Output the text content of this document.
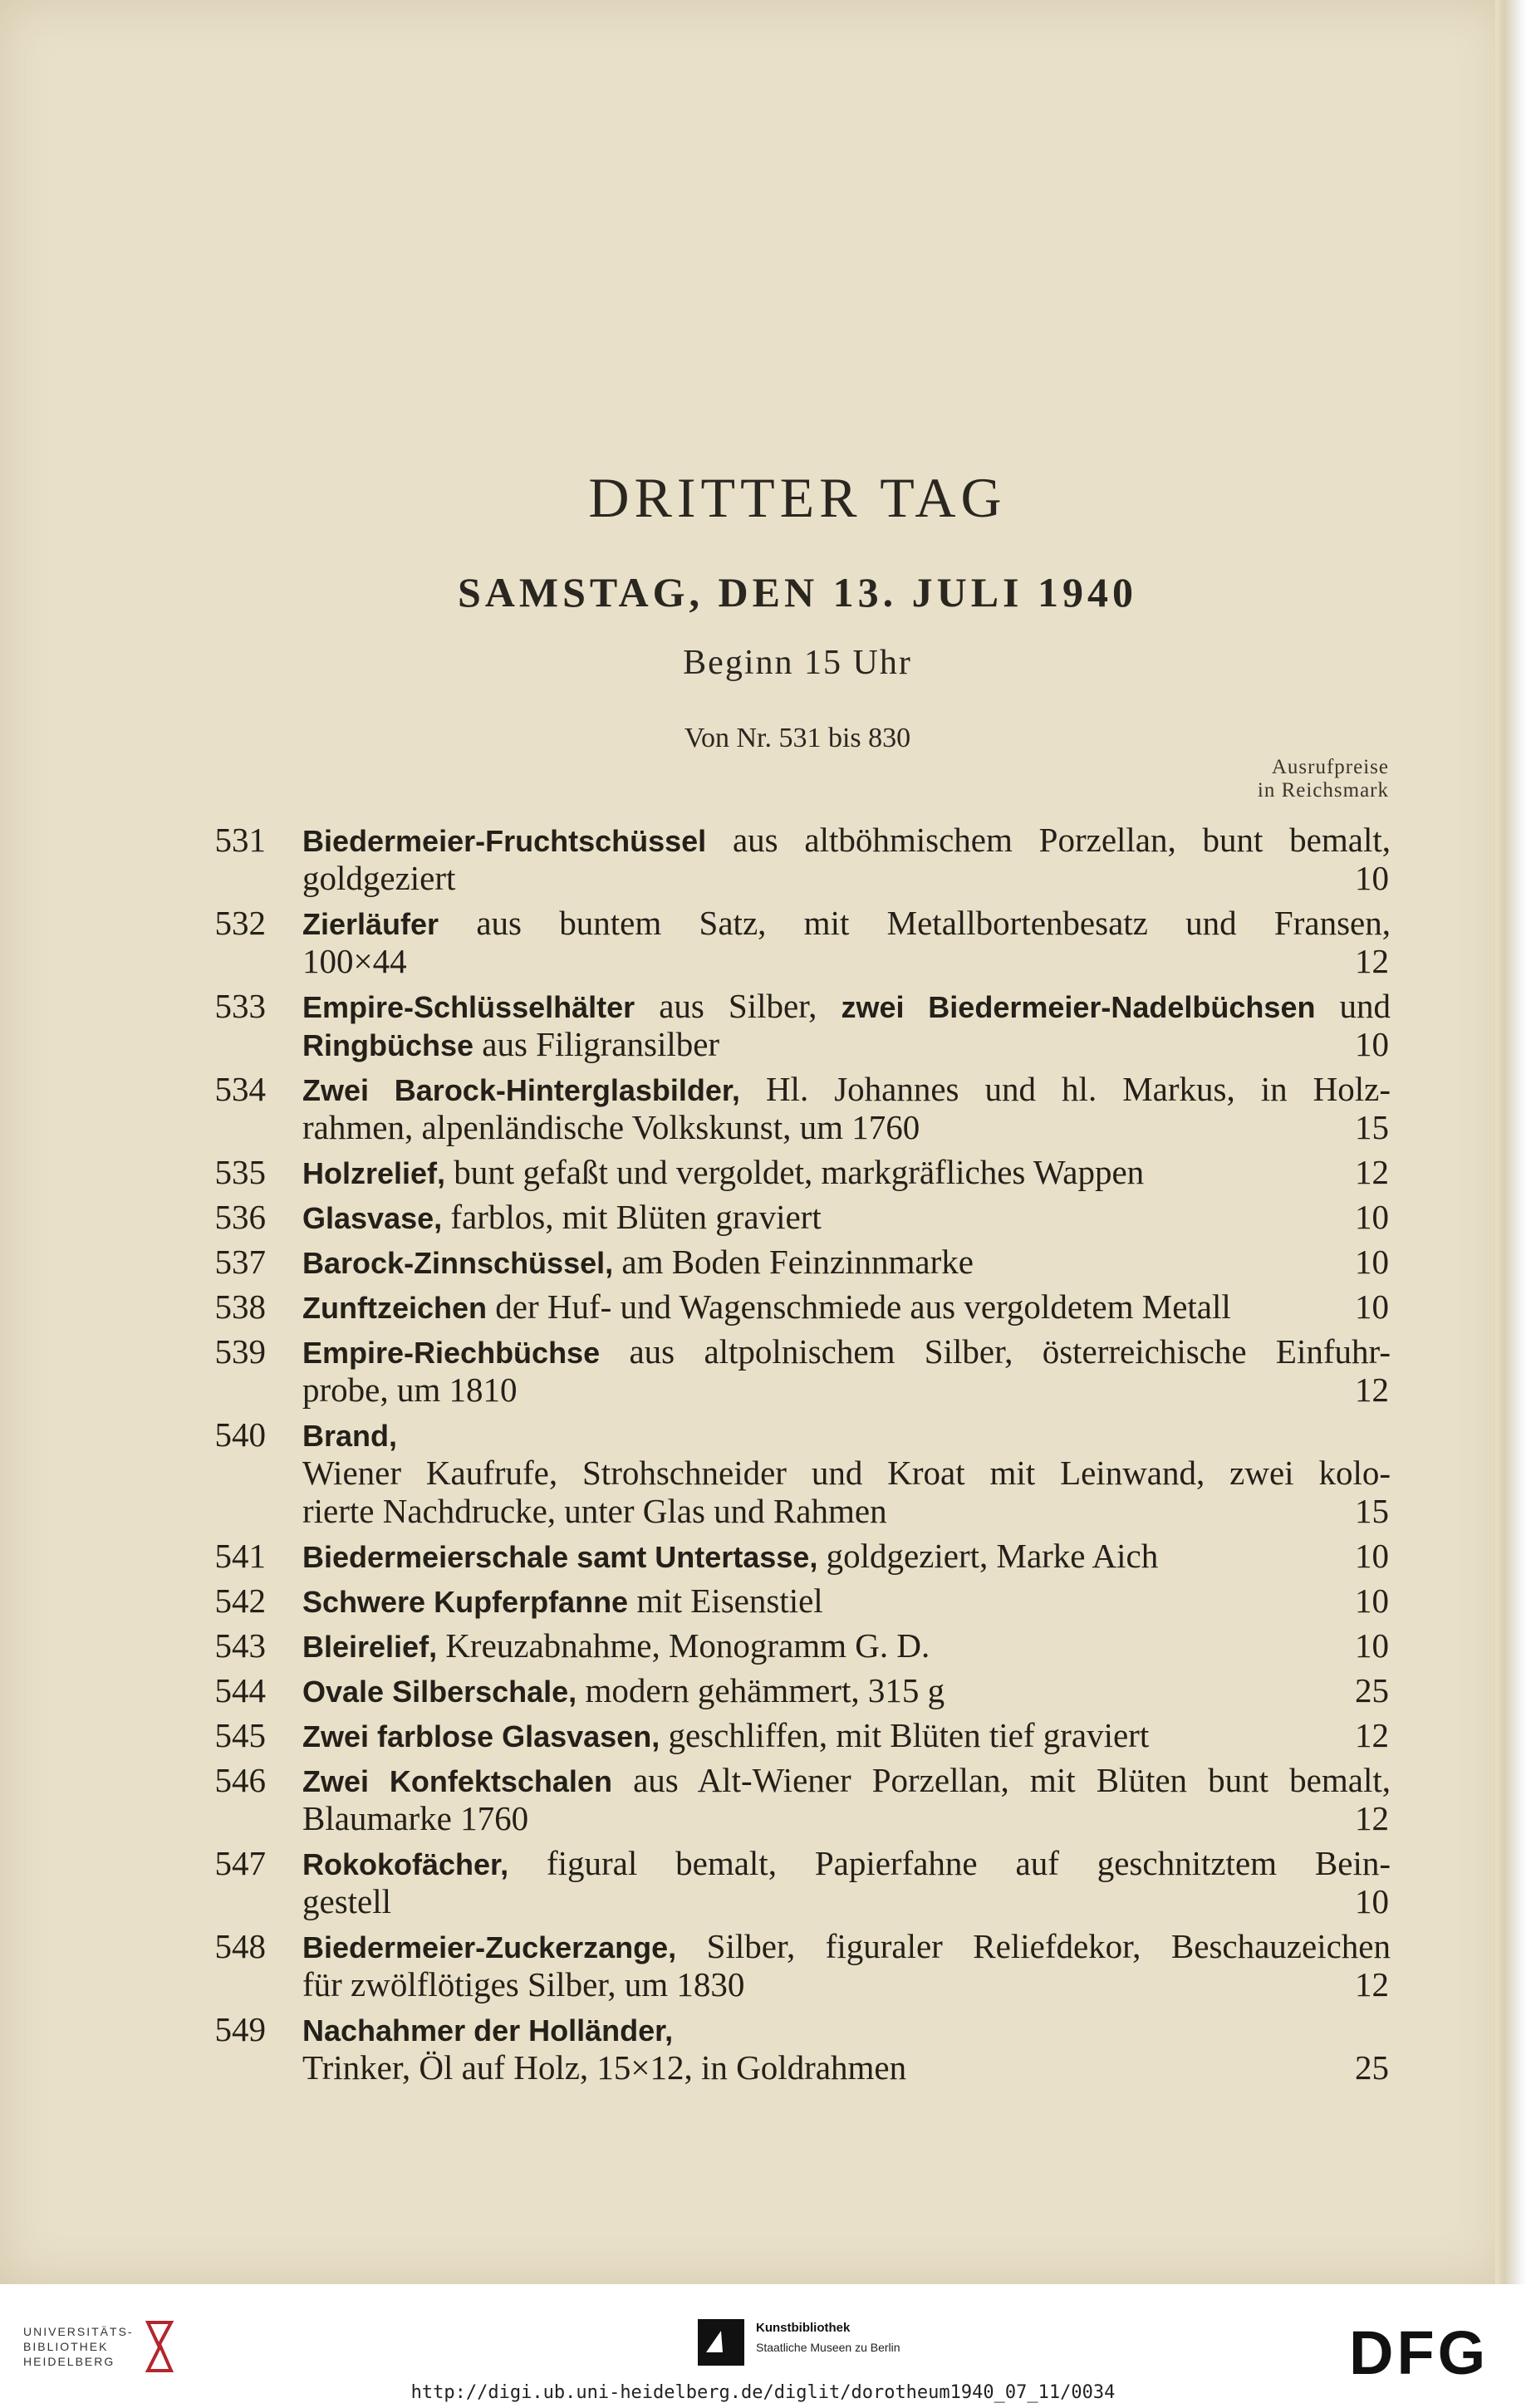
DRITTER TAG
SAMSTAG, DEN 13. JULI 1940
Beginn 15 Uhr
Von Nr. 531 bis 830
Ausrufpreise
in Reichsmark
531 Biedermeier-Fruchtschüssel aus altböhmischem Porzellan, bunt bemalt,
goldgeziert	10
532 Zierläufer aus buntem Satz, mit Metallbortenbesatz und Fransen,
100×44	12
533 Empire-Schlüsselhälter aus Silber, zwei Biedermeier-Nadelbüchsen und
Ringbüchse aus Filigransilber	10
534 Zwei Barock-Hinterglasbilder, Hl. Johannes und hl. Markus, in Holz-
rahmen, alpenländische Volkskunst, um 1760	15
535 Holzrelief, bunt gefaßt und vergoldet, markgräfliches Wappen	12
536 Glasvase, farblos, mit Blüten graviert	10
537 Barock-Zinnschüssel, am Boden Feinzinnmarke	10
538 Zunftzeichen der Huf- und Wagenschmiede aus vergoldetem Metall	10
539 Empire-Riechbüchse aus altpolnischem Silber, österreichische Einfuhr-
probe, um 1810	12
540 Brand,
Wiener Kaufrufe, Strohschneider und Kroat mit Leinwand, zwei kolo-
rierte Nachdrucke, unter Glas und Rahmen	15
541 Biedermeierschale samt Untertasse, goldgeziert, Marke Aich	10
542 Schwere Kupferpfanne mit Eisenstiel	10
543 Bleirelief, Kreuzabnahme, Monogramm G. D.	10
544 Ovale Silberschale, modern gehämmert, 315 g	25
545 Zwei farblose Glasvasen, geschliffen, mit Blüten tief graviert	12
546 Zwei Konfektschalen aus Alt-Wiener Porzellan, mit Blüten bunt bemalt,
Blaumarke 1760	12
547 Rokokofächer, figural bemalt, Papierfahne auf geschnitztem Bein-
gestell	10
548 Biedermeier-Zuckerzange, Silber, figuraler Reliefdekor, Beschauzeichen
für zwölflötiges Silber, um 1830	12
549 Nachahmer der Holländer,
Trinker, Öl auf Holz, 15×12, in Goldrahmen	25
UNIVERSITÄTS-
BIBLIOTHEK
HEIDELBERG
Kunstbibliothek
Staatliche Museen zu Berlin	DFG
http://digi.ub.uni-heidelberg.de/diglit/dorotheum1940_07_11/0034
